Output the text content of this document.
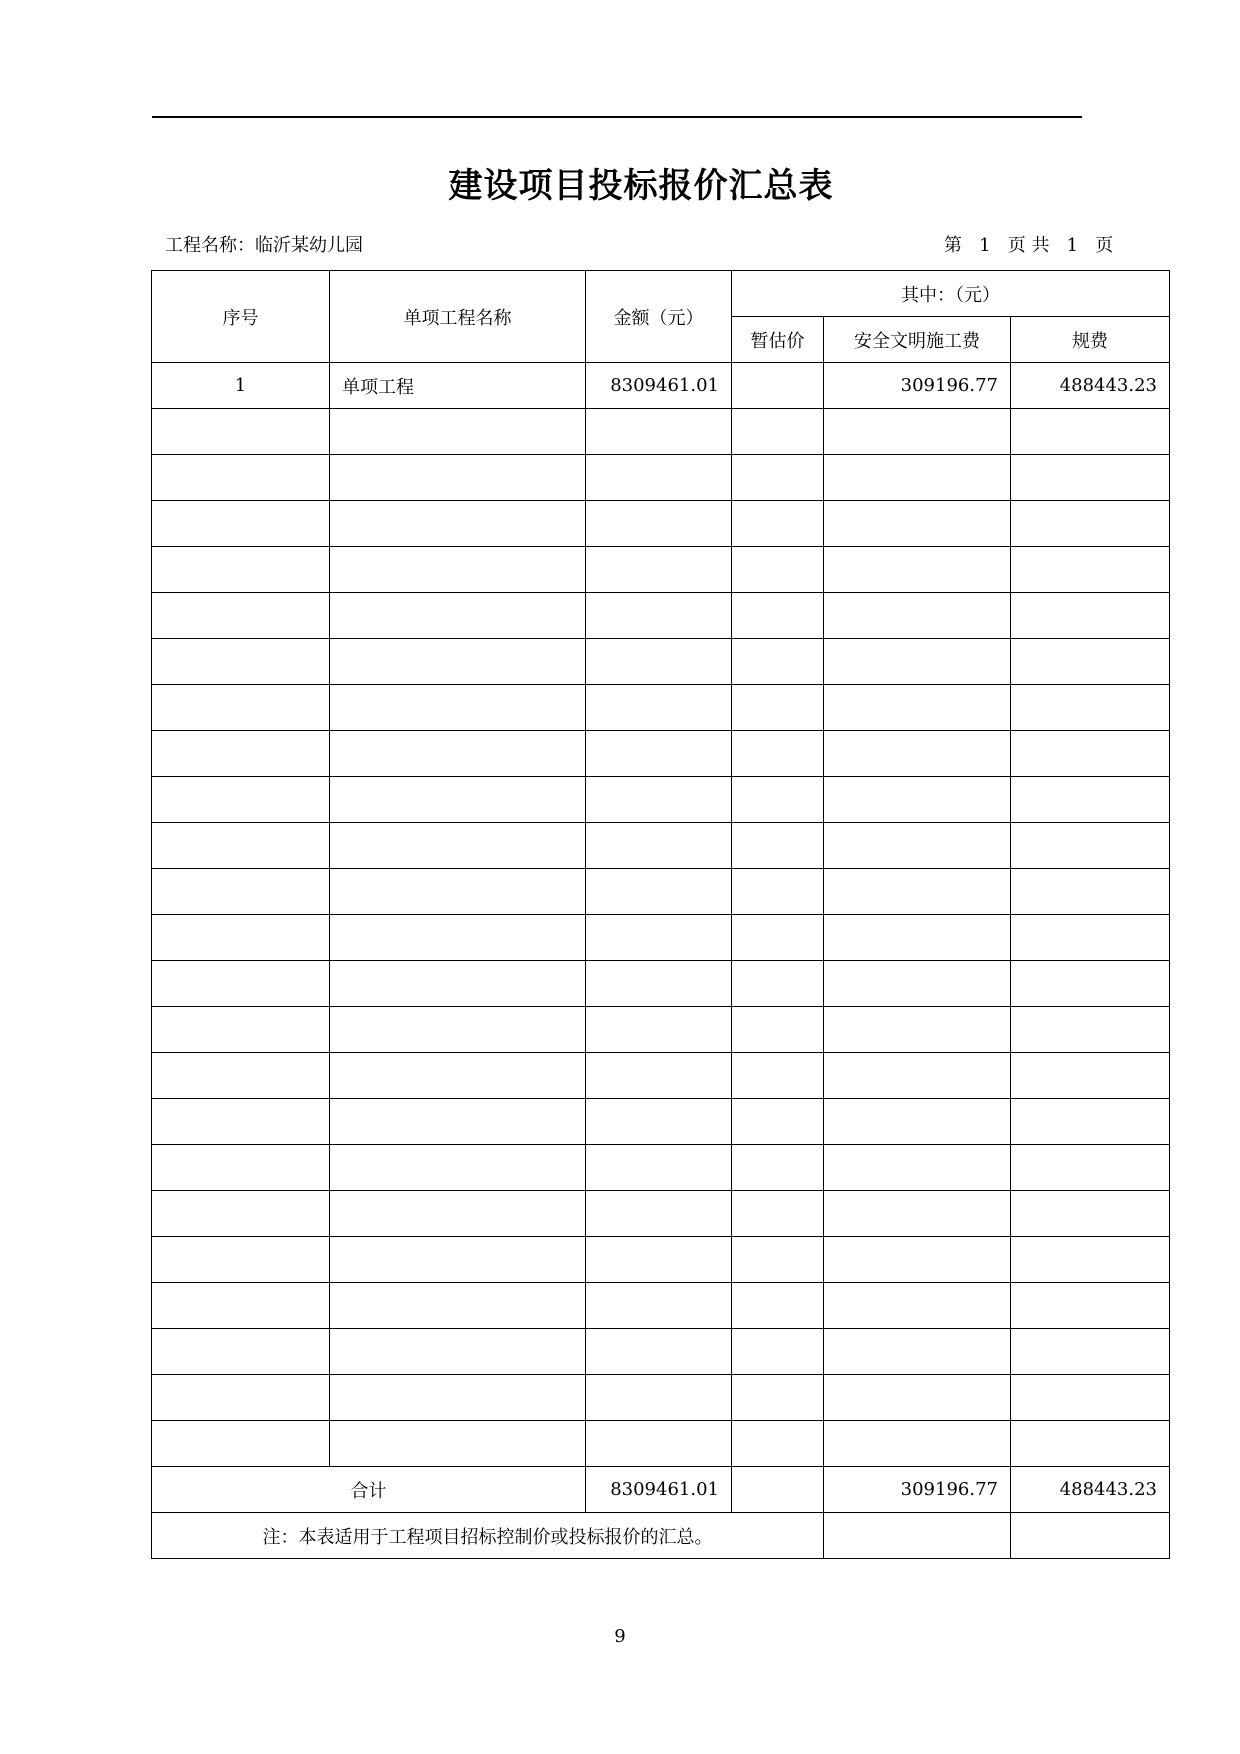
建设项目投标报价汇总表
工程名称：临沂某幼儿园	第   1   页 共   1   页
序号	单项工程名称	金额（元）	其中：（元）		
			暂估价	安全文明施工费	规费
1	单项工程	8309461.01		309196.77	488443.23

合计		8309461.01		309196.77	488443.23
注：本表适用于工程项目招标控制价或投标报价的汇总。					
9
